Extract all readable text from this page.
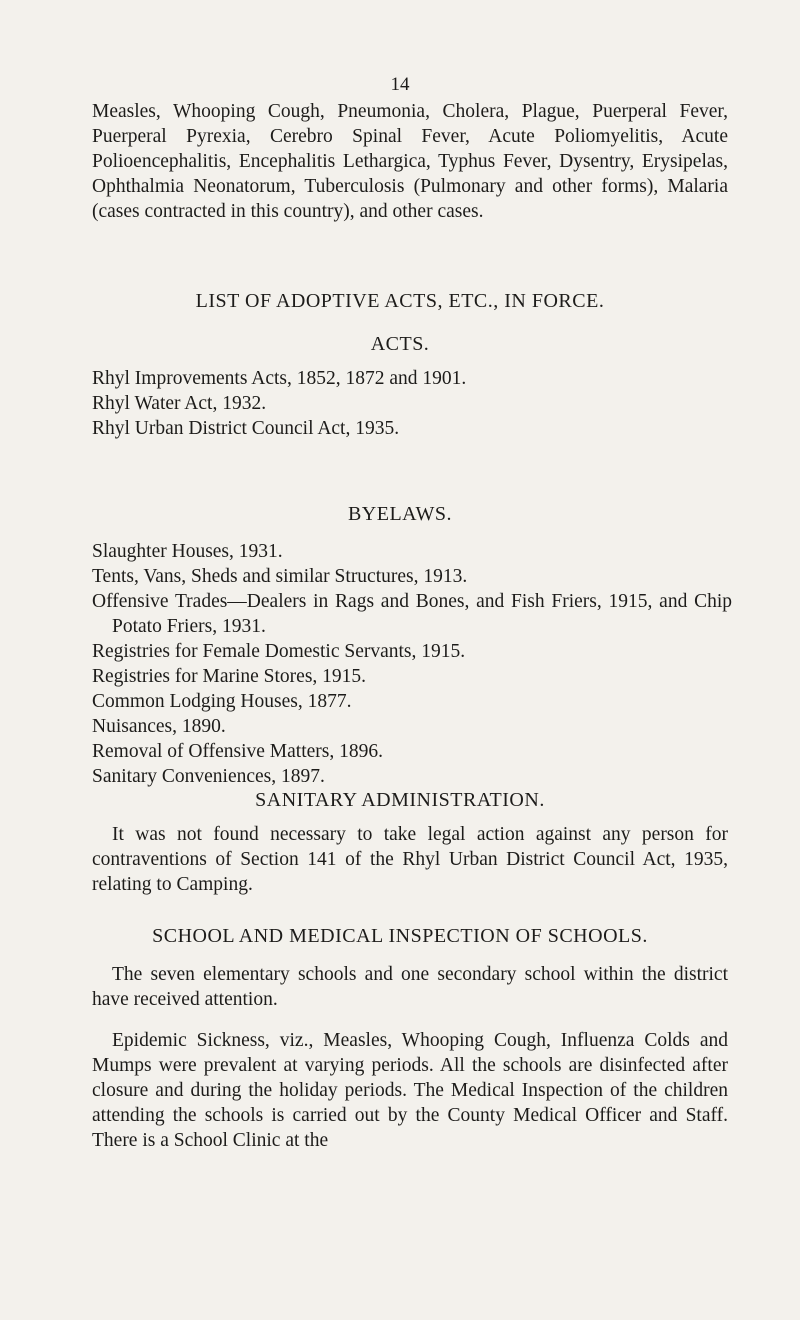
14

Measles, Whooping Cough, Pneumonia, Cholera, Plague, Puerperal Fever, Puerperal Pyrexia, Cerebro Spinal Fever, Acute Poliomyelitis, Acute Polioencephalitis, Encephalitis Lethargica, Typhus Fever, Dysentry, Erysipelas, Ophthalmia Neonatorum, Tuberculosis (Pulmonary and other forms), Malaria (cases contracted in this country), and other cases.

LIST OF ADOPTIVE ACTS, ETC., IN FORCE.
ACTS.
Rhyl Improvements Acts, 1852, 1872 and 1901.
Rhyl Water Act, 1932.
Rhyl Urban District Council Act, 1935.
BYELAWS.
Slaughter Houses, 1931.
Tents, Vans, Sheds and similar Structures, 1913.
Offensive Trades—Dealers in Rags and Bones, and Fish Friers, 1915, and Chip Potato Friers, 1931.
Registries for Female Domestic Servants, 1915.
Registries for Marine Stores, 1915.
Common Lodging Houses, 1877.
Nuisances, 1890.
Removal of Offensive Matters, 1896.
Sanitary Conveniences, 1897.
SANITARY ADMINISTRATION.

It was not found necessary to take legal action against any person for contraventions of Section 141 of the Rhyl Urban District Council Act, 1935, relating to Camping.

SCHOOL AND MEDICAL INSPECTION OF SCHOOLS.

The seven elementary schools and one secondary school within the district have received attention.

Epidemic Sickness, viz., Measles, Whooping Cough, Influenza Colds and Mumps were prevalent at varying periods. All the schools are disinfected after closure and during the holiday periods. The Medical Inspection of the children attending the schools is carried out by the County Medical Officer and Staff. There is a School Clinic at the
